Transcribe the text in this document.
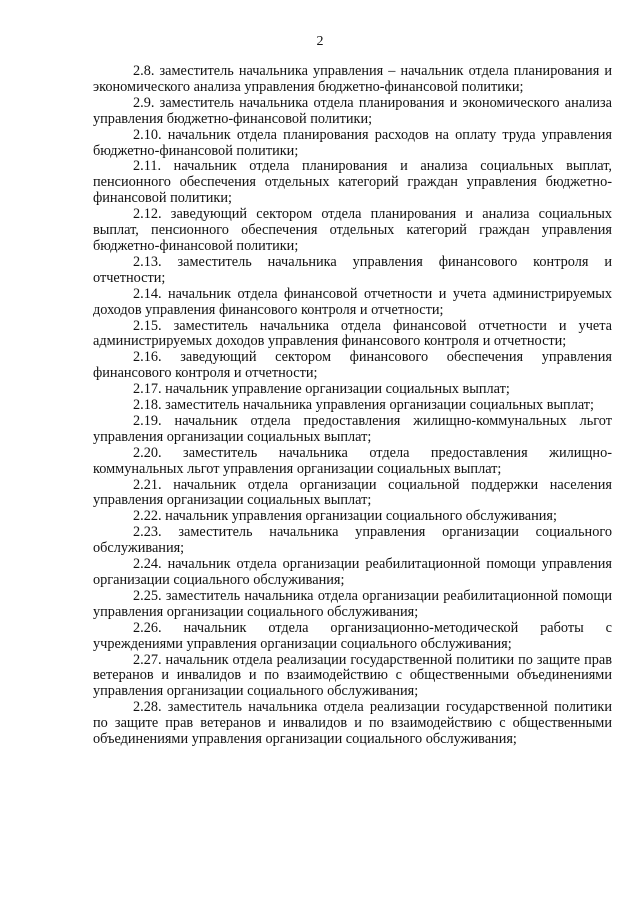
2

2.8. заместитель начальника управления – начальник отдела планирования и экономического анализа управления бюджетно-финансовой политики;

2.9. заместитель начальника отдела планирования и экономического анализа управления бюджетно-финансовой политики;

2.10. начальник отдела планирования расходов на оплату труда управления бюджетно-финансовой политики;

2.11. начальник отдела планирования и анализа социальных выплат, пенсионного обеспечения отдельных категорий граждан управления бюджетно-финансовой политики;

2.12. заведующий сектором отдела планирования и анализа социальных выплат, пенсионного обеспечения отдельных категорий граждан управления бюджетно-финансовой политики;

2.13. заместитель начальника управления финансового контроля и отчетности;

2.14. начальник отдела финансовой отчетности и учета администрируемых доходов управления финансового контроля и отчетности;

2.15. заместитель начальника отдела финансовой отчетности и учета администрируемых доходов управления финансового контроля и отчетности;

2.16. заведующий сектором финансового обеспечения управления финансового контроля и отчетности;

2.17. начальник управление организации социальных выплат;

2.18. заместитель начальника управления организации социальных выплат;

2.19. начальник отдела предоставления жилищно-коммунальных льгот управления организации социальных выплат;

2.20. заместитель начальника отдела предоставления жилищно-коммунальных льгот управления организации социальных выплат;

2.21. начальник отдела организации социальной поддержки населения управления организации социальных выплат;

2.22. начальник управления организации социального обслуживания;

2.23. заместитель начальника управления организации социального обслуживания;

2.24. начальник отдела организации реабилитационной помощи управления организации социального обслуживания;

2.25. заместитель начальника отдела организации реабилитационной помощи управления организации социального обслуживания;

2.26. начальник отдела организационно-методической работы с учреждениями управления организации социального обслуживания;

2.27. начальник отдела реализации государственной политики по защите прав ветеранов и инвалидов и по взаимодействию с общественными объединениями управления организации социального обслуживания;

2.28. заместитель начальника отдела реализации государственной политики по защите прав ветеранов и инвалидов и по взаимодействию с общественными объединениями управления организации социального обслуживания;
